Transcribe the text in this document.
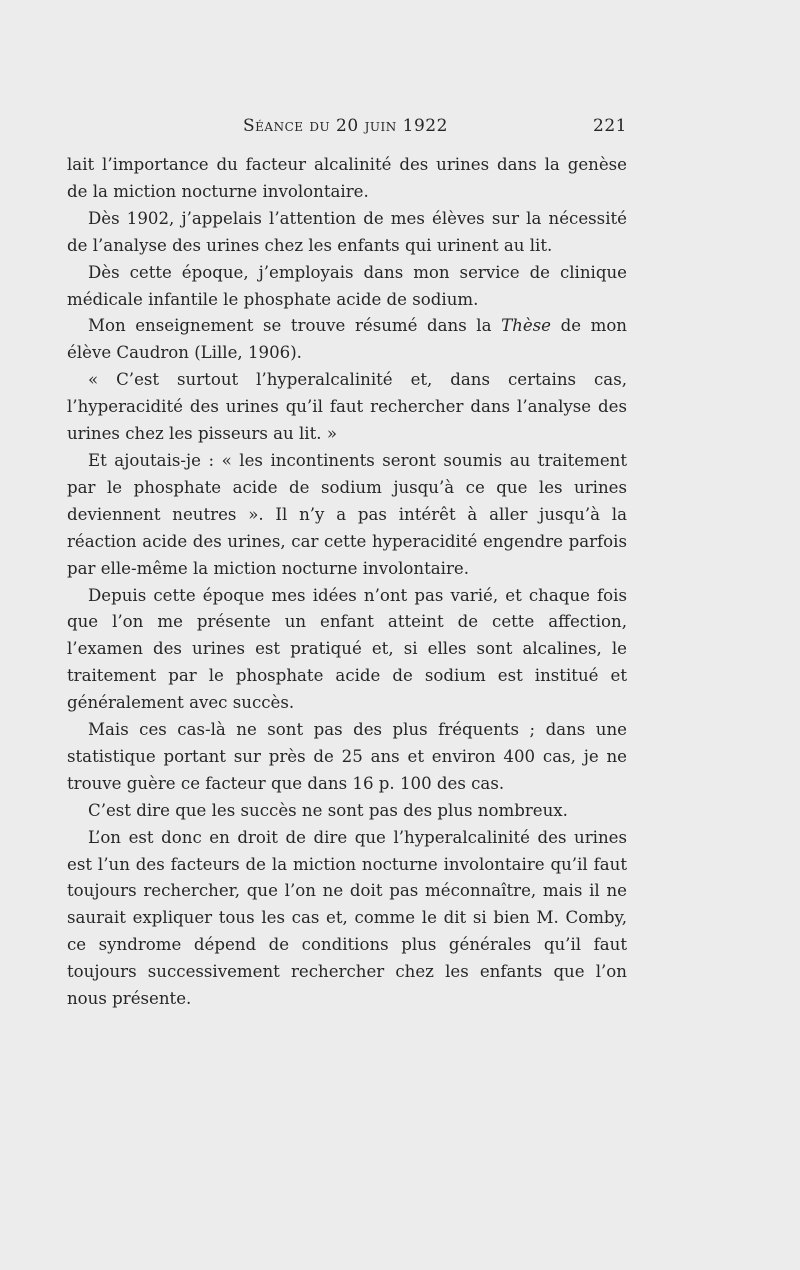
Séance du 20 juin 1922	221

lait l’importance du facteur alcalinité des urines dans la genèse de la miction nocturne involontaire.

Dès 1902, j’appelais l’attention de mes élèves sur la nécessité de l’analyse des urines chez les enfants qui urinent au lit.

Dès cette époque, j’employais dans mon service de clinique médicale infantile le phosphate acide de sodium.

Mon enseignement se trouve résumé dans la Thèse de mon élève Caudron (Lille, 1906).

« C’est surtout l’hyperalcalinité et, dans certains cas, l’hyperacidité des urines qu’il faut rechercher dans l’analyse des urines chez les pisseurs au lit. »

Et ajoutais-je : « les incontinents seront soumis au traitement par le phosphate acide de sodium jusqu’à ce que les urines deviennent neutres ». Il n’y a pas intérêt à aller jusqu’à la réaction acide des urines, car cette hyperacidité engendre parfois par elle-même la miction nocturne involontaire.

Depuis cette époque mes idées n’ont pas varié, et chaque fois que l’on me présente un enfant atteint de cette affection, l’examen des urines est pratiqué et, si elles sont alcalines, le traitement par le phosphate acide de sodium est institué et généralement avec succès.

Mais ces cas-là ne sont pas des plus fréquents ; dans une statistique portant sur près de 25 ans et environ 400 cas, je ne trouve guère ce facteur que dans 16 p. 100 des cas.

C’est dire que les succès ne sont pas des plus nombreux.

L’on est donc en droit de dire que l’hyperalcalinité des urines est l’un des facteurs de la miction nocturne involontaire qu’il faut toujours rechercher, que l’on ne doit pas méconnaître, mais il ne saurait expliquer tous les cas et, comme le dit si bien M. Comby, ce syndrome dépend de conditions plus générales qu’il faut toujours successivement rechercher chez les enfants que l’on nous présente.
